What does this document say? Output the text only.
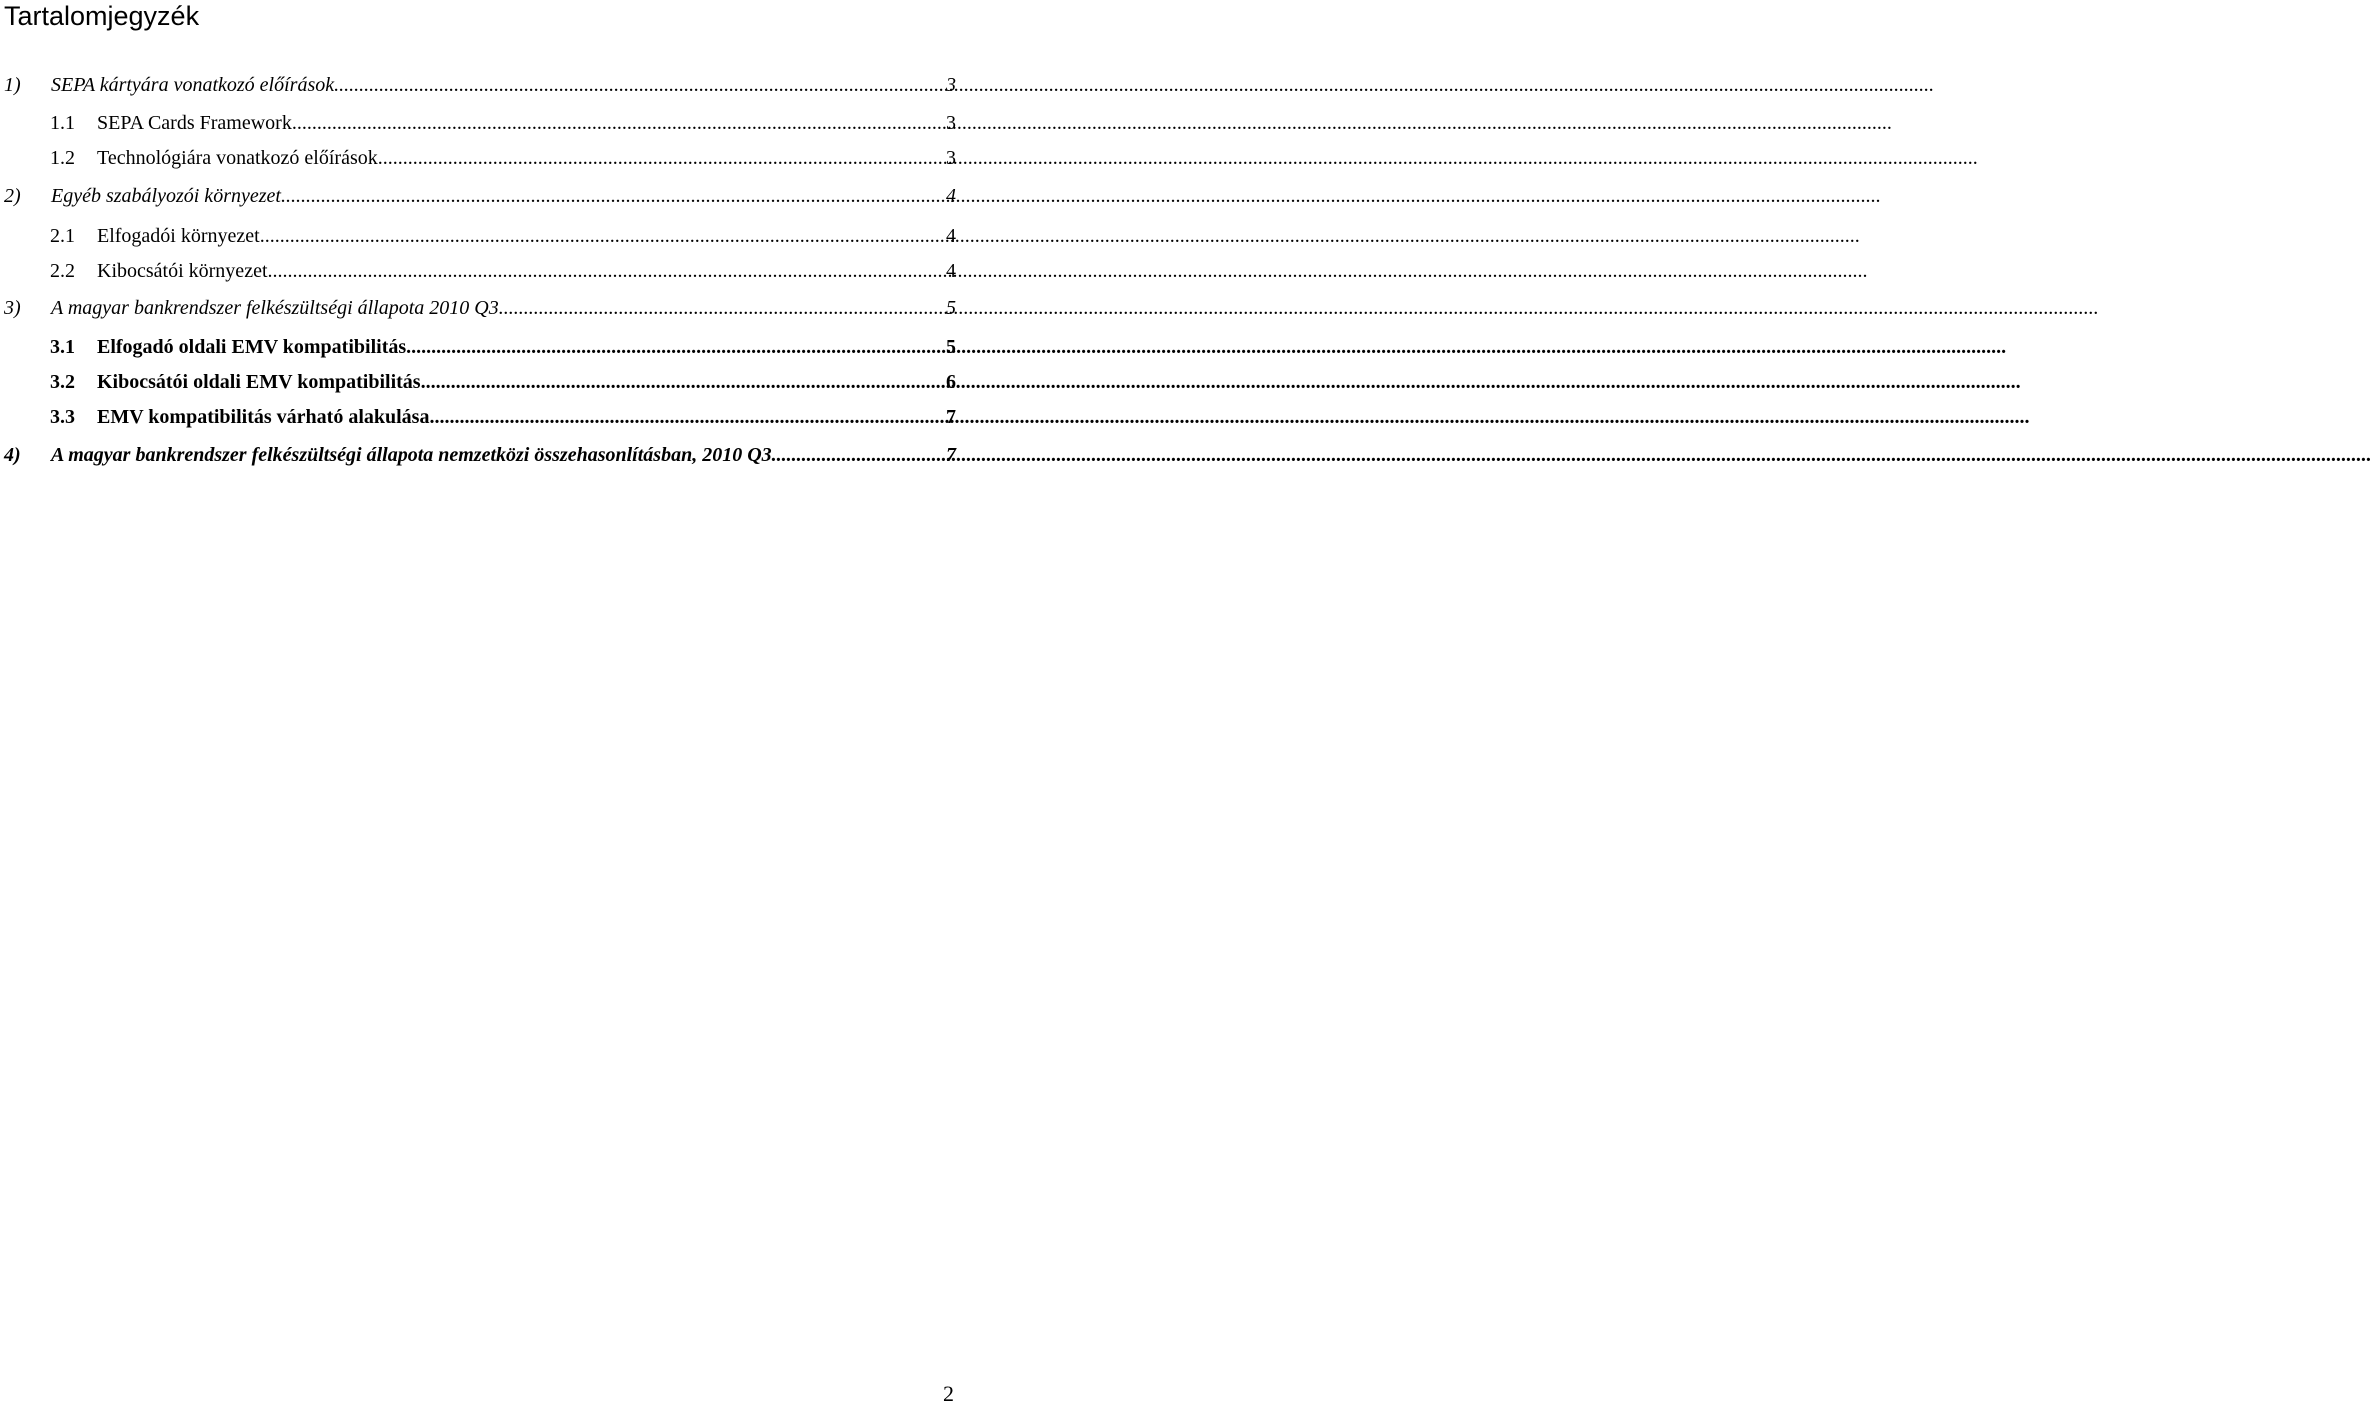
Tartalomjegyzék
1)	SEPA kártyára vonatkozó előírások .....	3
1.1	SEPA Cards Framework .....	3
1.2	Technológiára vonatkozó előírások .....	3
2)	Egyéb szabályozói környezet .....	4
2.1	Elfogadói környezet .....	4
2.2	Kibocsátói környezet .....	4
3)	A magyar bankrendszer felkészültségi állapota 2010 Q3 .....	5
3.1	Elfogadó oldali EMV kompatibilitás .....	5
3.2	Kibocsátói oldali EMV kompatibilitás .....	6
3.3	EMV kompatibilitás várható alakulása .....	7
4)	A magyar bankrendszer felkészültségi állapota nemzetközi összehasonlításban, 2010 Q3 .....	7
2
